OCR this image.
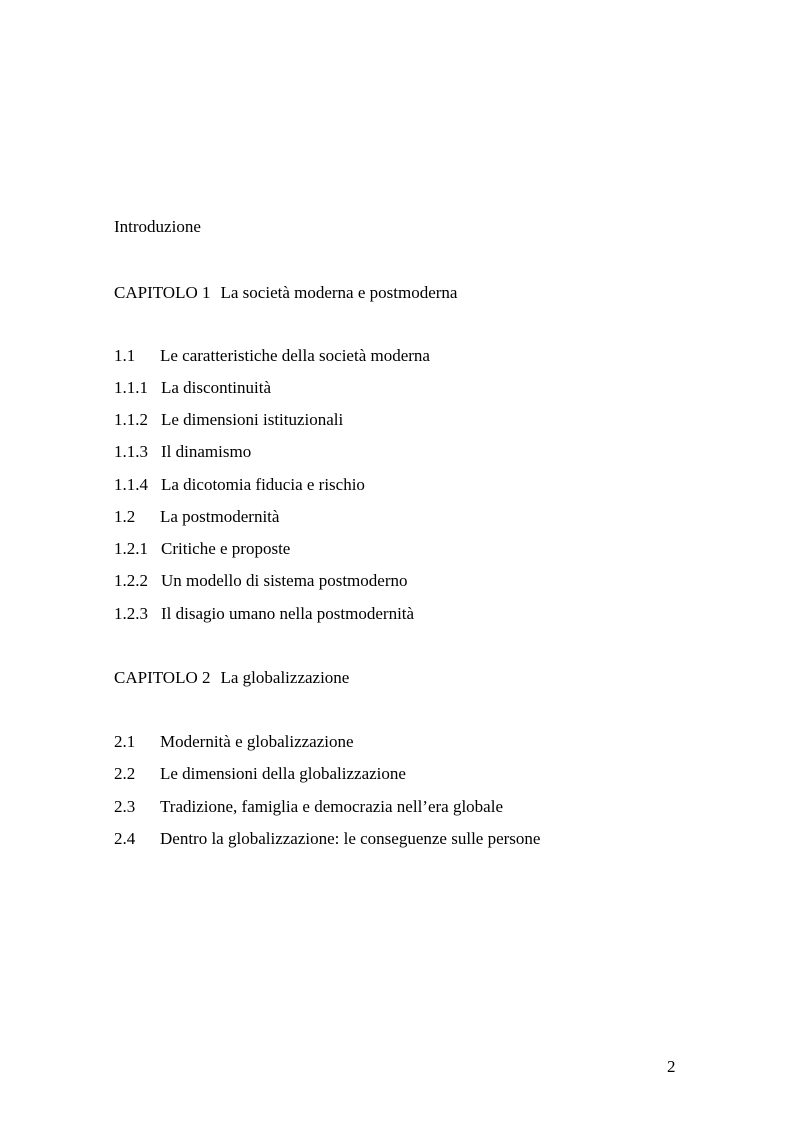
Introduzione
CAPITOLO 1 La società moderna e postmoderna
1.1 Le caratteristiche della società moderna
1.1.1 La discontinuità
1.1.2 Le dimensioni istituzionali
1.1.3 Il dinamismo
1.1.4 La dicotomia fiducia e rischio
1.2 La postmodernità
1.2.1 Critiche e proposte
1.2.2 Un modello di sistema postmoderno
1.2.3 Il disagio umano nella postmodernità
CAPITOLO 2 La globalizzazione
2.1 Modernità e globalizzazione
2.2 Le dimensioni della globalizzazione
2.3 Tradizione, famiglia e democrazia nell’era globale
2.4 Dentro la globalizzazione: le conseguenze sulle persone
2
